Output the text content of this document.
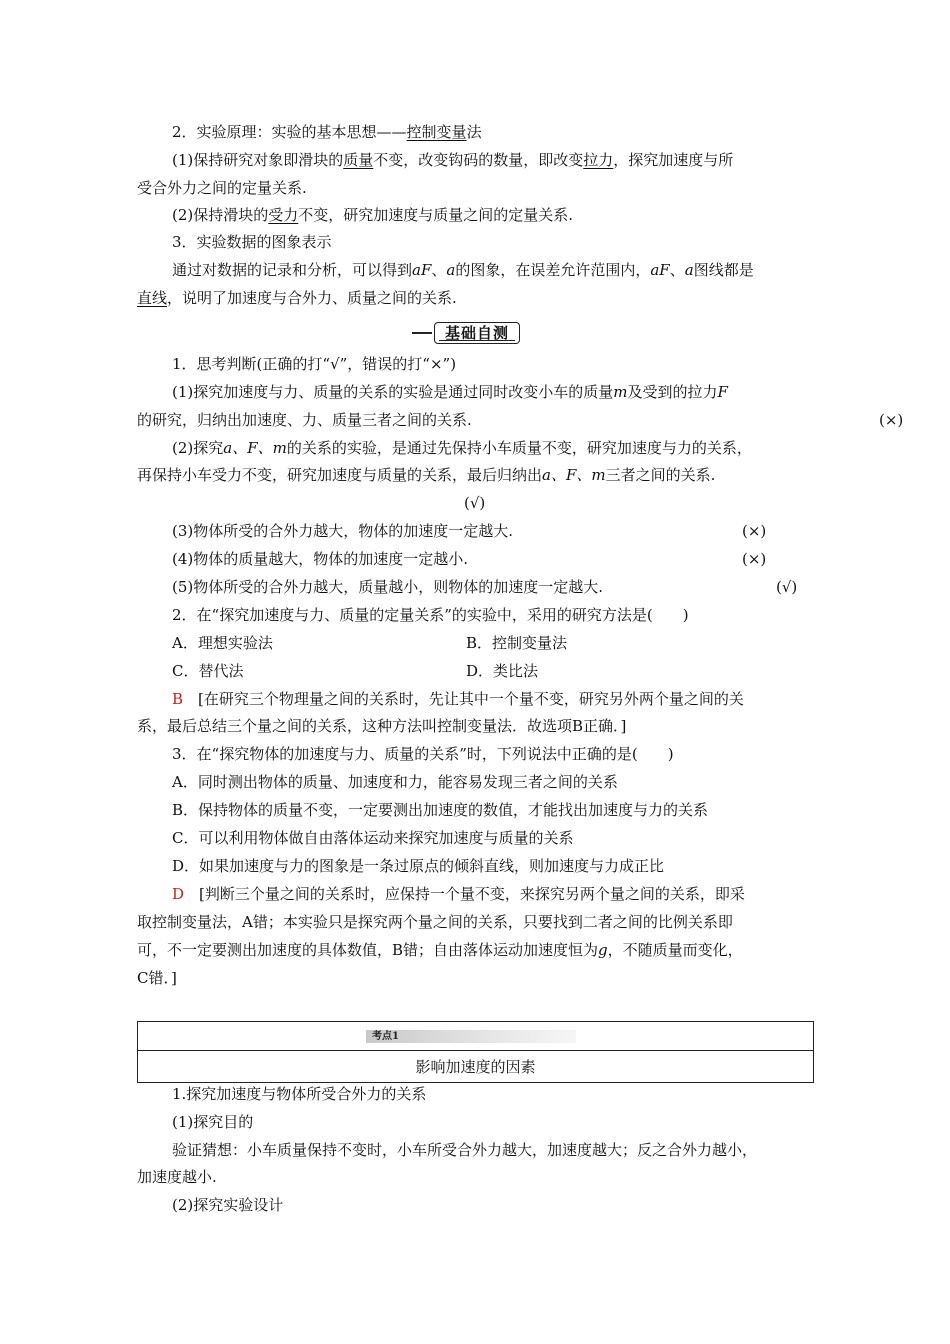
2．实验原理：实验的基本思想——控制变量法
(1)保持研究对象即滑块的质量不变，改变钩码的数量，即改变拉力，探究加速度与所
受合外力之间的定量关系.
(2)保持滑块的受力不变，研究加速度与质量之间的定量关系.
3．实验数据的图象表示
通过对数据的记录和分析，可以得到aF、a的图象，在误差允许范围内，aF、a图线都是
直线，说明了加速度与合外力、质量之间的关系.
基础自测
1．思考判断(正确的打“√”，错误的打“×”)
(1)探究加速度与力、质量的关系的实验是通过同时改变小车的质量m及受到的拉力F
的研究，归纳出加速度、力、质量三者之间的关系.	(×)
(2)探究a、F、m的关系的实验，是通过先保持小车质量不变，研究加速度与力的关系，
再保持小车受力不变，研究加速度与质量的关系，最后归纳出a、F、m三者之间的关系.
(√)
(3)物体所受的合外力越大，物体的加速度一定越大.	(×)
(4)物体的质量越大，物体的加速度一定越小.	(×)
(5)物体所受的合外力越大，质量越小，则物体的加速度一定越大.	(√)
2．在“探究加速度与力、质量的定量关系”的实验中，采用的研究方法是(　　)
A．理想实验法	B．控制变量法
C．替代法	D．类比法
B　[在研究三个物理量之间的关系时，先让其中一个量不变，研究另外两个量之间的关
系，最后总结三个量之间的关系，这种方法叫控制变量法．故选项B正确．]
3．在“探究物体的加速度与力、质量的关系”时，下列说法中正确的是(　　)
A．同时测出物体的质量、加速度和力，能容易发现三者之间的关系
B．保持物体的质量不变，一定要测出加速度的数值，才能找出加速度与力的关系
C．可以利用物体做自由落体运动来探究加速度与质量的关系
D．如果加速度与力的图象是一条过原点的倾斜直线，则加速度与力成正比
D　[判断三个量之间的关系时，应保持一个量不变，来探究另两个量之间的关系，即采
取控制变量法，A错；本实验只是探究两个量之间的关系，只要找到二者之间的比例关系即
可，不一定要测出加速度的具体数值，B错；自由落体运动加速度恒为g，不随质量而变化，
C错．]
考点1
影响加速度的因素
1.探究加速度与物体所受合外力的关系
(1)探究目的
验证猜想：小车质量保持不变时，小车所受合外力越大，加速度越大；反之合外力越小，
加速度越小.
(2)探究实验设计
